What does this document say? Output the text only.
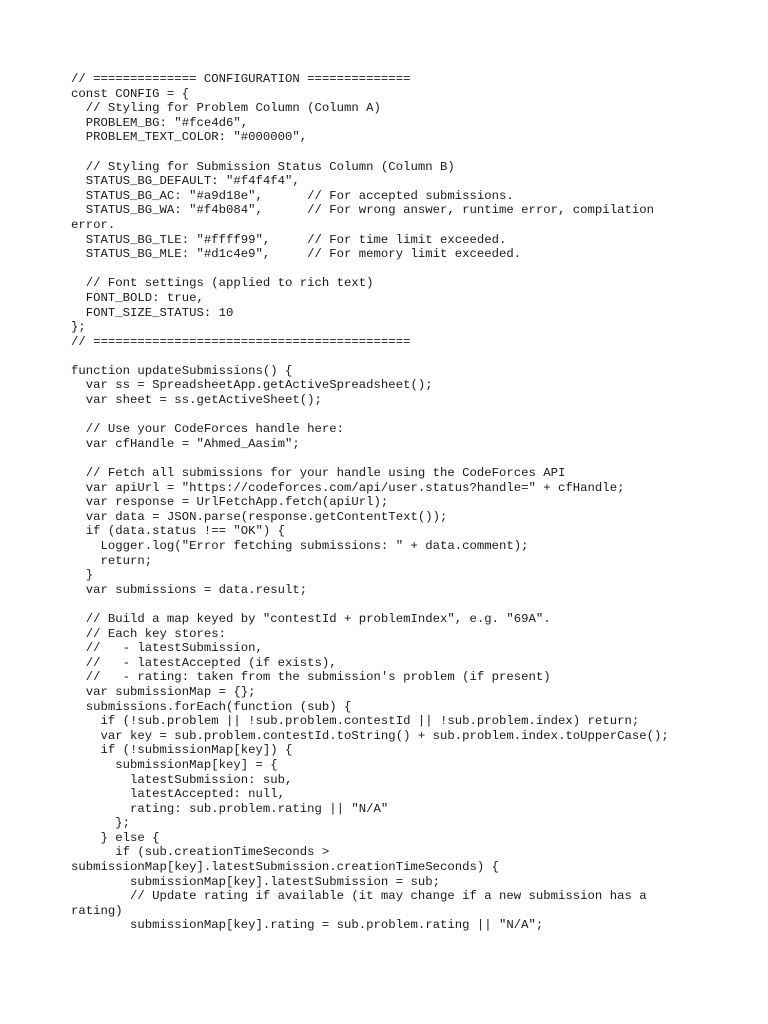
// ============== CONFIGURATION ==============
const CONFIG = {
// Styling for Problem Column (Column A)
PROBLEM_BG: "#fce4d6",
PROBLEM_TEXT_COLOR: "#000000",
// Styling for Submission Status Column (Column B)
STATUS_BG_DEFAULT: "#f4f4f4",
STATUS_BG_AC: "#a9d18e",      // For accepted submissions.
STATUS_BG_WA: "#f4b084",      // For wrong answer, runtime error, compilation
error.
STATUS_BG_TLE: "#ffff99",     // For time limit exceeded.
STATUS_BG_MLE: "#d1c4e9",     // For memory limit exceeded.
// Font settings (applied to rich text)
FONT_BOLD: true,
FONT_SIZE_STATUS: 10
};
// ===========================================
function updateSubmissions() {
var ss = SpreadsheetApp.getActiveSpreadsheet();
var sheet = ss.getActiveSheet();
// Use your CodeForces handle here:
var cfHandle = "Ahmed_Aasim";
// Fetch all submissions for your handle using the CodeForces API
var apiUrl = "https://codeforces.com/api/user.status?handle=" + cfHandle;
var response = UrlFetchApp.fetch(apiUrl);
var data = JSON.parse(response.getContentText());
if (data.status !== "OK") {
Logger.log("Error fetching submissions: " + data.comment);
return;
}
var submissions = data.result;
// Build a map keyed by "contestId + problemIndex", e.g. "69A".
// Each key stores:
//   - latestSubmission,
//   - latestAccepted (if exists),
//   - rating: taken from the submission's problem (if present)
var submissionMap = {};
submissions.forEach(function (sub) {
if (!sub.problem || !sub.problem.contestId || !sub.problem.index) return;
var key = sub.problem.contestId.toString() + sub.problem.index.toUpperCase();
if (!submissionMap[key]) {
submissionMap[key] = {
latestSubmission: sub,
latestAccepted: null,
rating: sub.problem.rating || "N/A"
};
} else {
if (sub.creationTimeSeconds >
submissionMap[key].latestSubmission.creationTimeSeconds) {
submissionMap[key].latestSubmission = sub;
// Update rating if available (it may change if a new submission has a
rating)
submissionMap[key].rating = sub.problem.rating || "N/A";
